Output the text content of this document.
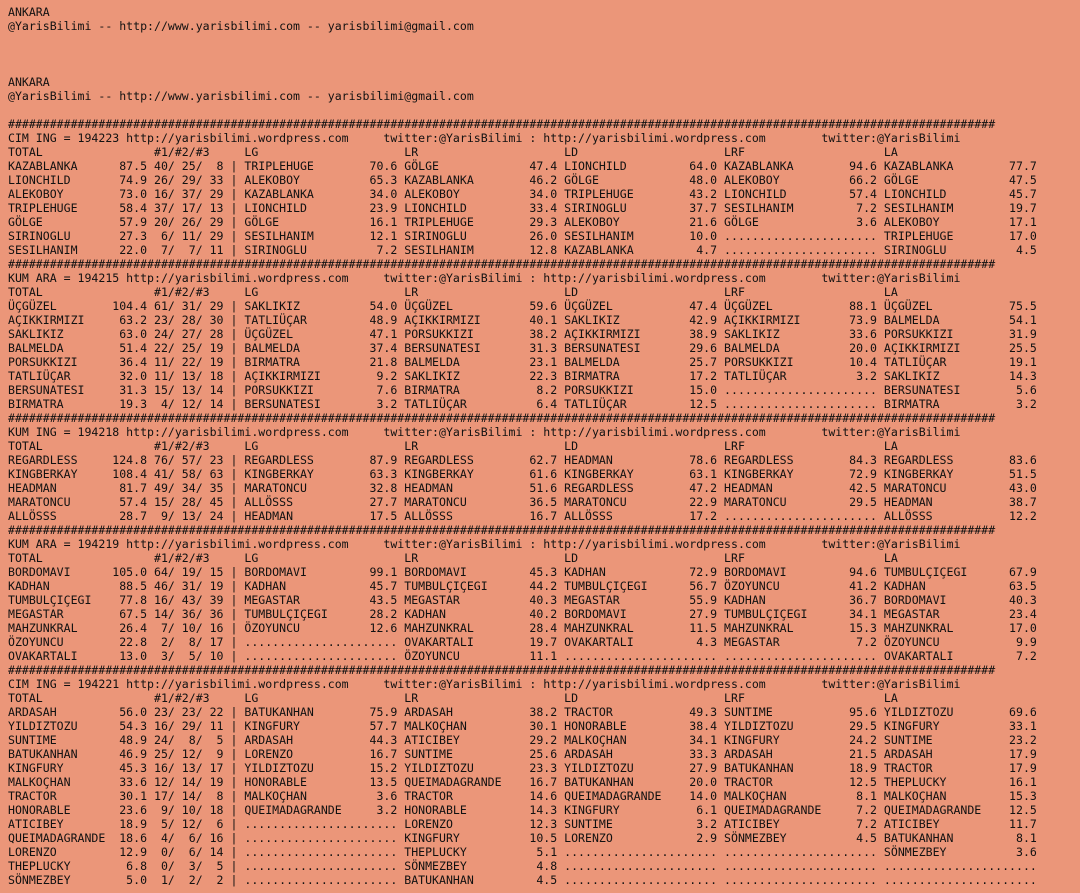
ANKARA
@YarisBilimi -- http://www.yarisbilimi.com -- yarisbilimi@gmail.com
ANKARA
@YarisBilimi -- http://www.yarisbilimi.com -- yarisbilimi@gmail.com
##############################################################################################################################################
CIM ING = 194223 http://yarisbilimi.wordpress.com     twitter:@YarisBilimi : http://yarisbilimi.wordpress.com        twitter:@YarisBilimi
TOTAL                #1/#2/#3     LG                     LR                     LD                     LRF                    LA
KAZABLANKA      87.5 40/ 25/  8 | TRIPLEHUGE        70.6 GÖLGE             47.4 LIONCHILD         64.0 KAZABLANKA        94.6 KAZABLANKA        77.7
LIONCHILD       74.9 26/ 29/ 33 | ALEKOBOY          65.3 KAZABLANKA        46.2 GÖLGE             48.0 ALEKOBOY          66.2 GÖLGE             47.5
ALEKOBOY        73.0 16/ 37/ 29 | KAZABLANKA        34.0 ALEKOBOY          34.0 TRIPLEHUGE        43.2 LIONCHILD         57.4 LIONCHILD         45.7
TRIPLEHUGE      58.4 37/ 17/ 13 | LIONCHILD         23.9 LIONCHILD         33.4 SIRINOGLU         37.7 SESILHANIM         7.2 SESILHANIM        19.7
GÖLGE           57.9 20/ 26/ 29 | GÖLGE             16.1 TRIPLEHUGE        29.3 ALEKOBOY          21.6 GÖLGE              3.6 ALEKOBOY          17.1
SIRINOGLU       27.3  6/ 11/ 29 | SESILHANIM        12.1 SIRINOGLU         26.0 SESILHANIM        10.0 ...................... TRIPLEHUGE        17.0
SESILHANIM      22.0  7/  7/ 11 | SIRINOGLU          7.2 SESILHANIM        12.8 KAZABLANKA         4.7 ...................... SIRINOGLU          4.5
##############################################################################################################################################
KUM ARA = 194215 http://yarisbilimi.wordpress.com     twitter:@YarisBilimi : http://yarisbilimi.wordpress.com        twitter:@YarisBilimi
TOTAL                #1/#2/#3     LG                     LR                     LD                     LRF                    LA
ÜÇGÜZEL        104.4 61/ 31/ 29 | SAKLIKIZ          54.0 ÜÇGÜZEL           59.6 ÜÇGÜZEL           47.4 ÜÇGÜZEL           88.1 ÜÇGÜZEL           75.5
AÇIKKIRMIZI     63.2 23/ 28/ 30 | TATLIÜÇAR         48.9 AÇIKKIRMIZI       40.1 SAKLIKIZ          42.9 AÇIKKIRMIZI       73.9 BALMELDA          54.1
SAKLIKIZ        63.0 24/ 27/ 28 | ÜÇGÜZEL           47.1 PORSUKKIZI        38.2 AÇIKKIRMIZI       38.9 SAKLIKIZ          33.6 PORSUKKIZI        31.9
BALMELDA        51.4 22/ 25/ 19 | BALMELDA          37.4 BERSUNATESI       31.3 BERSUNATESI       29.6 BALMELDA          20.0 AÇIKKIRMIZI       25.5
PORSUKKIZI      36.4 11/ 22/ 19 | BIRMATRA          21.8 BALMELDA          23.1 BALMELDA          25.7 PORSUKKIZI        10.4 TATLIÜÇAR         19.1
TATLIÜÇAR       32.0 11/ 13/ 18 | AÇIKKIRMIZI        9.2 SAKLIKIZ          22.3 BIRMATRA          17.2 TATLIÜÇAR          3.2 SAKLIKIZ          14.3
BERSUNATESI     31.3 15/ 13/ 14 | PORSUKKIZI         7.6 BIRMATRA           8.2 PORSUKKIZI        15.0 ...................... BERSUNATESI        5.6
BIRMATRA        19.3  4/ 12/ 14 | BERSUNATESI        3.2 TATLIÜÇAR          6.4 TATLIÜÇAR         12.5 ...................... BIRMATRA           3.2
##############################################################################################################################################
KUM ING = 194218 http://yarisbilimi.wordpress.com     twitter:@YarisBilimi : http://yarisbilimi.wordpress.com        twitter:@YarisBilimi
TOTAL                #1/#2/#3     LG                     LR                     LD                     LRF                    LA
REGARDLESS     124.8 76/ 57/ 23 | REGARDLESS        87.9 REGARDLESS        62.7 HEADMAN           78.6 REGARDLESS        84.3 REGARDLESS        83.6
KINGBERKAY     108.4 41/ 58/ 63 | KINGBERKAY        63.3 KINGBERKAY        61.6 KINGBERKAY        63.1 KINGBERKAY        72.9 KINGBERKAY        51.5
HEADMAN         81.7 49/ 34/ 35 | MARATONCU         32.8 HEADMAN           51.6 REGARDLESS        47.2 HEADMAN           42.5 MARATONCU         43.0
MARATONCU       57.4 15/ 28/ 45 | ALLÖSSS           27.7 MARATONCU         36.5 MARATONCU         22.9 MARATONCU         29.5 HEADMAN           38.7
ALLÖSSS         28.7  9/ 13/ 24 | HEADMAN           17.5 ALLÖSSS           16.7 ALLÖSSS           17.2 ...................... ALLÖSSS           12.2
##############################################################################################################################################
KUM ARA = 194219 http://yarisbilimi.wordpress.com     twitter:@YarisBilimi : http://yarisbilimi.wordpress.com        twitter:@YarisBilimi
TOTAL                #1/#2/#3     LG                     LR                     LD                     LRF                    LA
BORDOMAVI      105.0 64/ 19/ 15 | BORDOMAVI         99.1 BORDOMAVI         45.3 KADHAN            72.9 BORDOMAVI         94.6 TUMBULÇIÇEGI      67.9
KADHAN          88.5 46/ 31/ 19 | KADHAN            45.7 TUMBULÇIÇEGI      44.2 TUMBULÇIÇEGI      56.7 ÖZOYUNCU          41.2 KADHAN            63.5
TUMBULÇIÇEGI    77.8 16/ 43/ 39 | MEGASTAR          43.5 MEGASTAR          40.3 MEGASTAR          55.9 KADHAN            36.7 BORDOMAVI         40.3
MEGASTAR        67.5 14/ 36/ 36 | TUMBULÇIÇEGI      28.2 KADHAN            40.2 BORDOMAVI         27.9 TUMBULÇIÇEGI      34.1 MEGASTAR          23.4
MAHZUNKRAL      26.4  7/ 10/ 16 | ÖZOYUNCU          12.6 MAHZUNKRAL        28.4 MAHZUNKRAL        11.5 MAHZUNKRAL        15.3 MAHZUNKRAL        17.0
ÖZOYUNCU        22.8  2/  8/ 17 | ...................... OVAKARTALI        19.7 OVAKARTALI         4.3 MEGASTAR           7.2 ÖZOYUNCU           9.9
OVAKARTALI      13.0  3/  5/ 10 | ...................... ÖZOYUNCU          11.1 ...................... ...................... OVAKARTALI         7.2
##############################################################################################################################################
CIM ING = 194221 http://yarisbilimi.wordpress.com     twitter:@YarisBilimi : http://yarisbilimi.wordpress.com        twitter:@YarisBilimi
TOTAL                #1/#2/#3     LG                     LR                     LD                     LRF                    LA
ARDASAH         56.0 23/ 23/ 22 | BATUKANHAN        75.9 ARDASAH           38.2 TRACTOR           49.3 SUNTIME           95.6 YILDIZTOZU        69.6
YILDIZTOZU      54.3 16/ 29/ 11 | KINGFURY          57.7 MALKOÇHAN         30.1 HONORABLE         38.4 YILDIZTOZU        29.5 KINGFURY          33.1
SUNTIME         48.9 24/  8/  5 | ARDASAH           44.3 ATICIBEY          29.2 MALKOÇHAN         34.1 KINGFURY          24.2 SUNTIME           23.2
BATUKANHAN      46.9 25/ 12/  9 | LORENZO           16.7 SUNTIME           25.6 ARDASAH           33.3 ARDASAH           21.5 ARDASAH           17.9
KINGFURY        45.3 16/ 13/ 17 | YILDIZTOZU        15.2 YILDIZTOZU        23.3 YILDIZTOZU        27.9 BATUKANHAN        18.9 TRACTOR           17.9
MALKOÇHAN       33.6 12/ 14/ 19 | HONORABLE         13.5 QUEIMADAGRANDE    16.7 BATUKANHAN        20.0 TRACTOR           12.5 THEPLUCKY         16.1
TRACTOR         30.1 17/ 14/  8 | MALKOÇHAN          3.6 TRACTOR           14.6 QUEIMADAGRANDE    14.0 MALKOÇHAN          8.1 MALKOÇHAN         15.3
HONORABLE       23.6  9/ 10/ 18 | QUEIMADAGRANDE     3.2 HONORABLE         14.3 KINGFURY           6.1 QUEIMADAGRANDE     7.2 QUEIMADAGRANDE    12.5
ATICIBEY        18.9  5/ 12/  6 | ...................... LORENZO           12.3 SUNTIME            3.2 ATICIBEY           7.2 ATICIBEY          11.7
QUEIMADAGRANDE  18.6  4/  6/ 16 | ...................... KINGFURY          10.5 LORENZO            2.9 SÖNMEZBEY          4.5 BATUKANHAN         8.1
LORENZO         12.9  0/  6/ 14 | ...................... THEPLUCKY          5.1 ...................... ...................... SÖNMEZBEY          3.6
THEPLUCKY        6.8  0/  3/  5 | ...................... SÖNMEZBEY          4.8 ...................... ...................... ......................
SÖNMEZBEY        5.0  1/  2/  2 | ...................... BATUKANHAN         4.5 ...................... ...................... ......................
